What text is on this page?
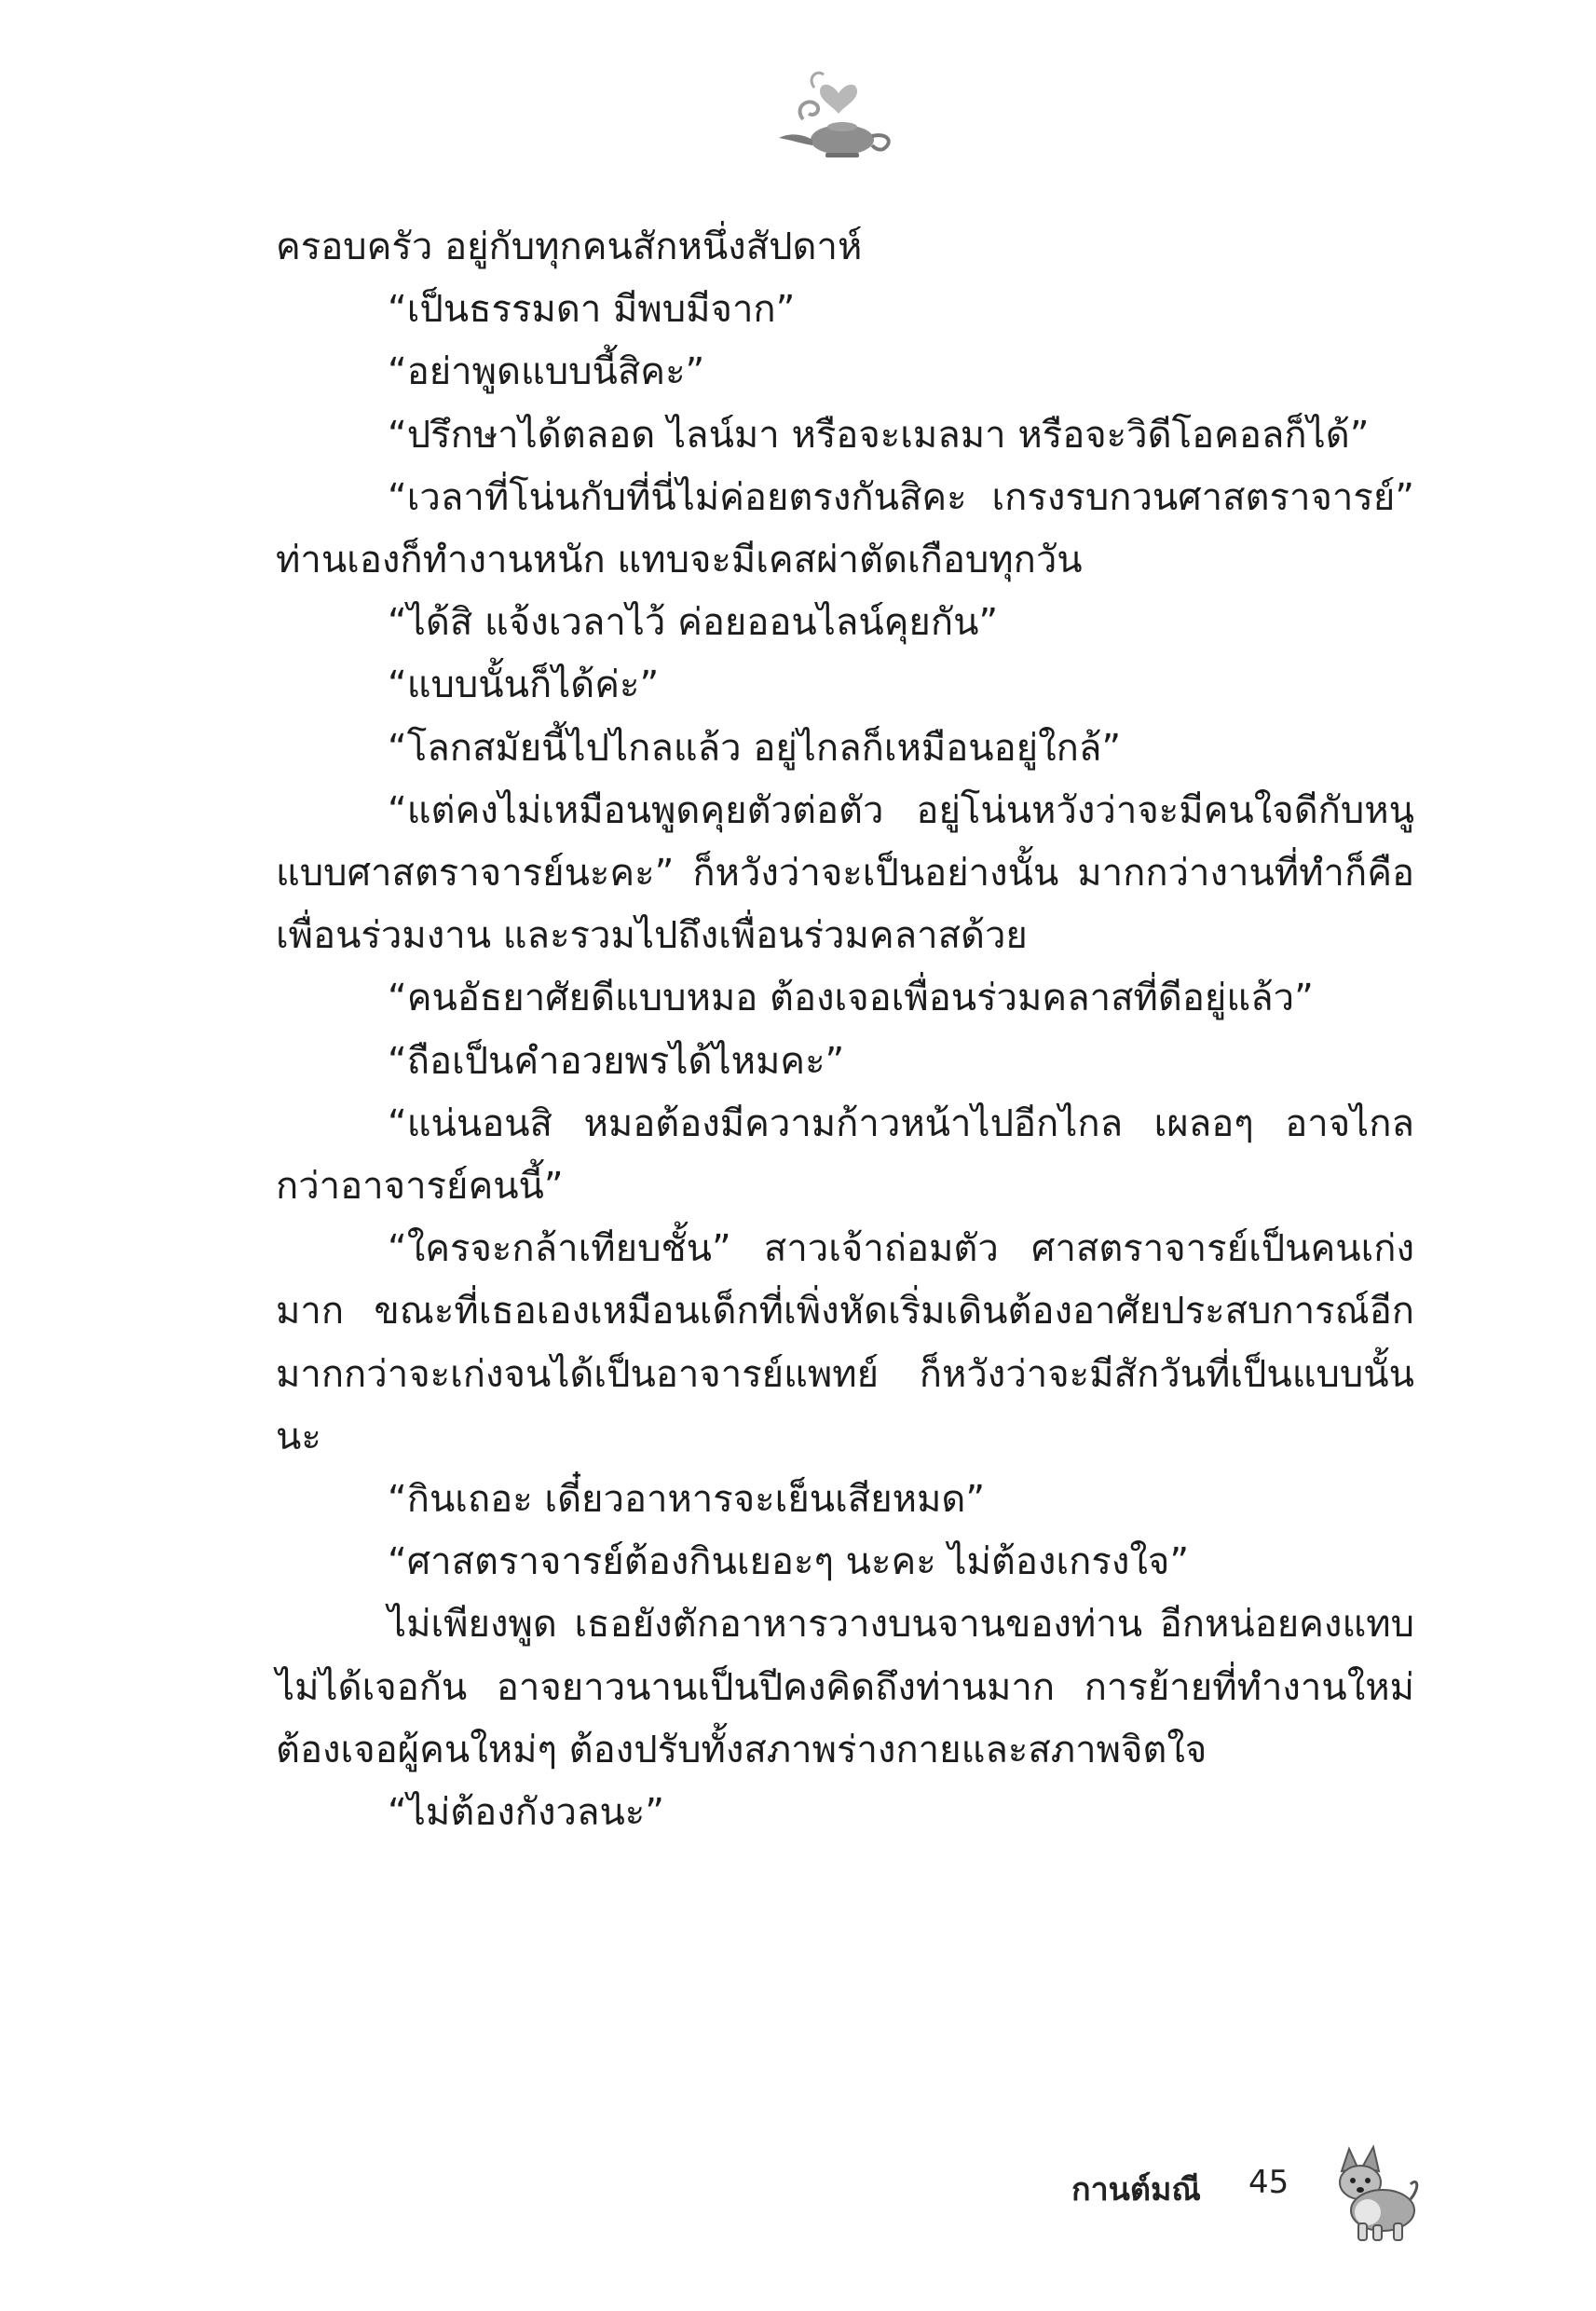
ครอบครัว อยู่กับทุกคนสักหนึ่งสัปดาห์

“เป็นธรรมดา มีพบมีจาก”

“อย่าพูดแบบนี้สิคะ”

“ปรึกษาได้ตลอด ไลน์มา หรือจะเมลมา หรือจะวิดีโอคอลก็ได้”

“เวลาที่โน่นกับที่นี่ไม่ค่อยตรงกันสิคะ เกรงรบกวนศาสตราจารย์” ท่านเองก็ทำงานหนัก แทบจะมีเคสผ่าตัดเกือบทุกวัน

“ได้สิ แจ้งเวลาไว้ ค่อยออนไลน์คุยกัน”

“แบบนั้นก็ได้ค่ะ”

“โลกสมัยนี้ไปไกลแล้ว อยู่ไกลก็เหมือนอยู่ใกล้”

“แต่คงไม่เหมือนพูดคุยตัวต่อตัว อยู่โน่นหวังว่าจะมีคนใจดีกับหนูแบบศาสตราจารย์นะคะ” ก็หวังว่าจะเป็นอย่างนั้น มากกว่างานที่ทำก็คือเพื่อนร่วมงาน และรวมไปถึงเพื่อนร่วมคลาสด้วย

“คนอัธยาศัยดีแบบหมอ ต้องเจอเพื่อนร่วมคลาสที่ดีอยู่แล้ว”

“ถือเป็นคำอวยพรได้ไหมคะ”

“แน่นอนสิ หมอต้องมีความก้าวหน้าไปอีกไกล เผลอๆ อาจไกลกว่าอาจารย์คนนี้”

“ใครจะกล้าเทียบชั้น” สาวเจ้าถ่อมตัว ศาสตราจารย์เป็นคนเก่งมาก ขณะที่เธอเองเหมือนเด็กที่เพิ่งหัดเริ่มเดินต้องอาศัยประสบการณ์อีกมากกว่าจะเก่งจนได้เป็นอาจารย์แพทย์ ก็หวังว่าจะมีสักวันที่เป็นแบบนั้นนะ

“กินเถอะ เดี๋ยวอาหารจะเย็นเสียหมด”

“ศาสตราจารย์ต้องกินเยอะๆ นะคะ ไม่ต้องเกรงใจ”

ไม่เพียงพูด เธอยังตักอาหารวางบนจานของท่าน อีกหน่อยคงแทบไม่ได้เจอกัน อาจยาวนานเป็นปีคงคิดถึงท่านมาก การย้ายที่ทำงานใหม่ต้องเจอผู้คนใหม่ๆ ต้องปรับทั้งสภาพร่างกายและสภาพจิตใจ

“ไม่ต้องกังวลนะ”

กานต์มณี 45
